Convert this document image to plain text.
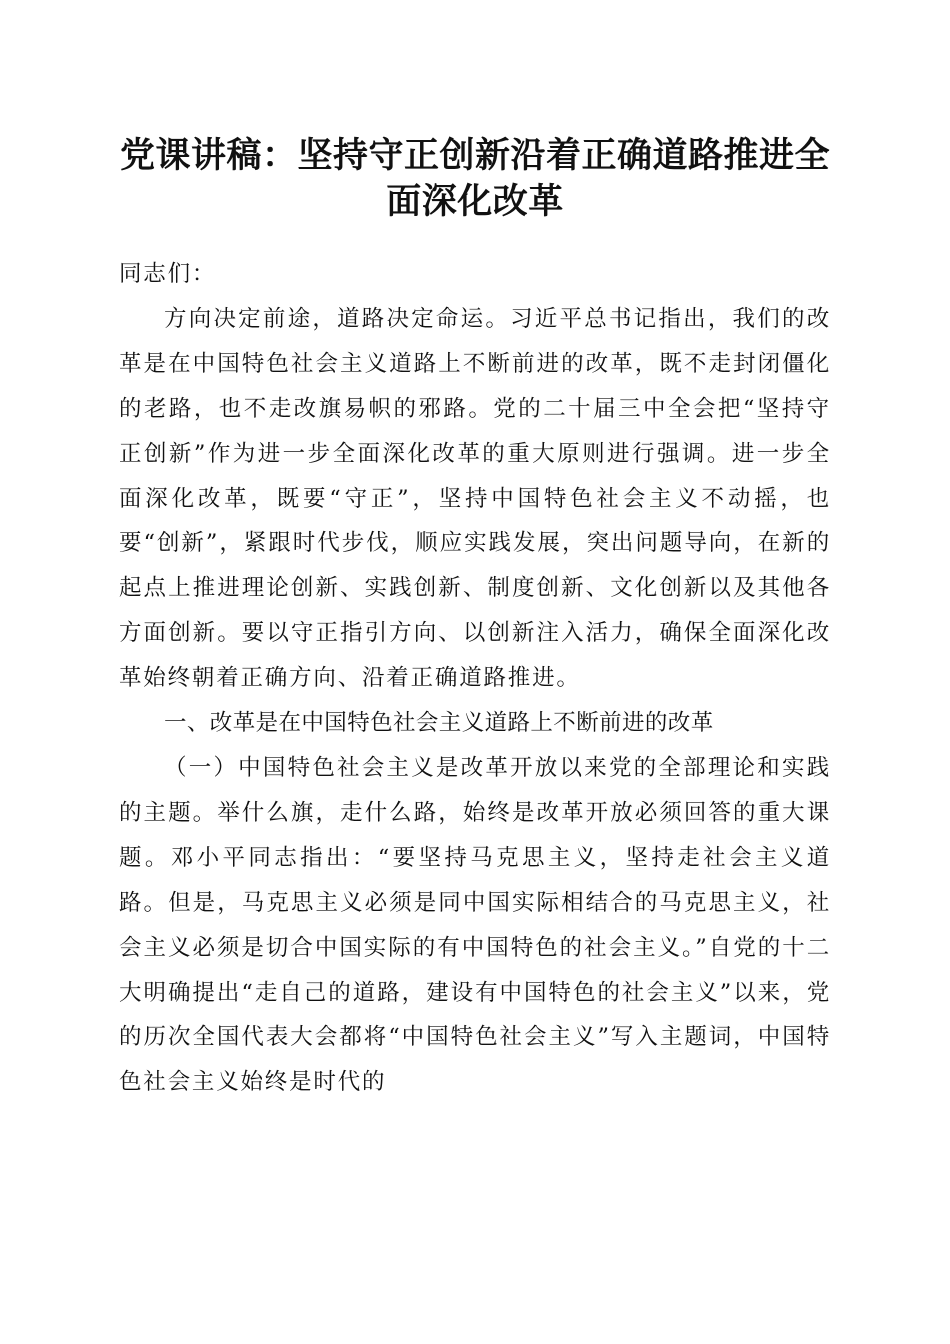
党课讲稿：坚持守正创新沿着正确道路推进全
面深化改革

同志们：

方向决定前途，道路决定命运。习近平总书记指出，我们的改革是在中国特色社会主义道路上不断前进的改革，既不走封闭僵化的老路，也不走改旗易帜的邪路。党的二十届三中全会把“坚持守正创新”作为进一步全面深化改革的重大原则进行强调。进一步全面深化改革，既要“守正”，坚持中国特色社会主义不动摇，也要“创新”，紧跟时代步伐，顺应实践发展，突出问题导向，在新的起点上推进理论创新、实践创新、制度创新、文化创新以及其他各方面创新。要以守正指引方向、以创新注入活力，确保全面深化改革始终朝着正确方向、沿着正确道路推进。

一、改革是在中国特色社会主义道路上不断前进的改革

（一）中国特色社会主义是改革开放以来党的全部理论和实践的主题。举什么旗，走什么路，始终是改革开放必须回答的重大课题。邓小平同志指出：“要坚持马克思主义，坚持走社会主义道路。但是，马克思主义必须是同中国实际相结合的马克思主义，社会主义必须是切合中国实际的有中国特色的社会主义。”自党的十二大明确提出“走自己的道路，建设有中国特色的社会主义”以来，党的历次全国代表大会都将“中国特色社会主义”写入主题词，中国特色社会主义始终是时代的
